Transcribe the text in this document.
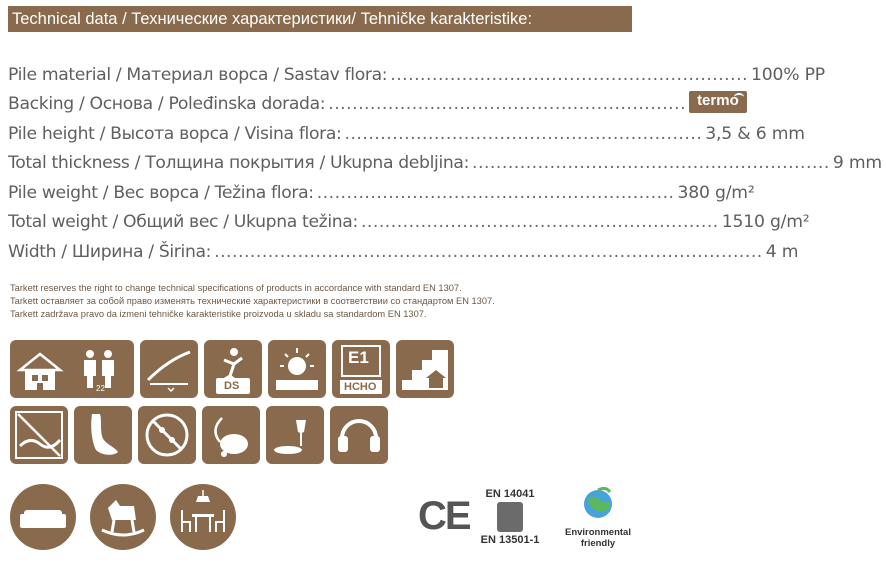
Technical data / Технические характеристики/ Tehničke karakteristike:
Pile material / Материал ворса / Sastav flora: ............................................................ 100% PP
Backing / Основа / Poleđinska dorada: ............................................................ termo
Pile height / Высота ворса / Visina flora: ............................................................ 3,5 & 6 mm
Total thickness / Толщина покрытия / Ukupna debljina: ............................................................ 9 mm
Pile weight / Вес ворса / Težina flora: ............................................................ 380 g/m²
Total weight / Общий вес / Ukupna težina: ............................................................ 1510 g/m²
Width / Ширина / Širina: ............................................................................................ 4 m

Tarkett reserves the right to change technical specifications of products in accordance with standard EN 1307.

Tarkett оставляет за собой право изменять технические характеристики в соответствии со стандартом EN 1307.

Tarkett zadržava pravo da izmeni tehničke karakteristike proizvoda u skladu sa standardom EN 1307.

22	DS
E1
HCHO
CE	EN 14041
EN 13501-1
Environmental
friendly
